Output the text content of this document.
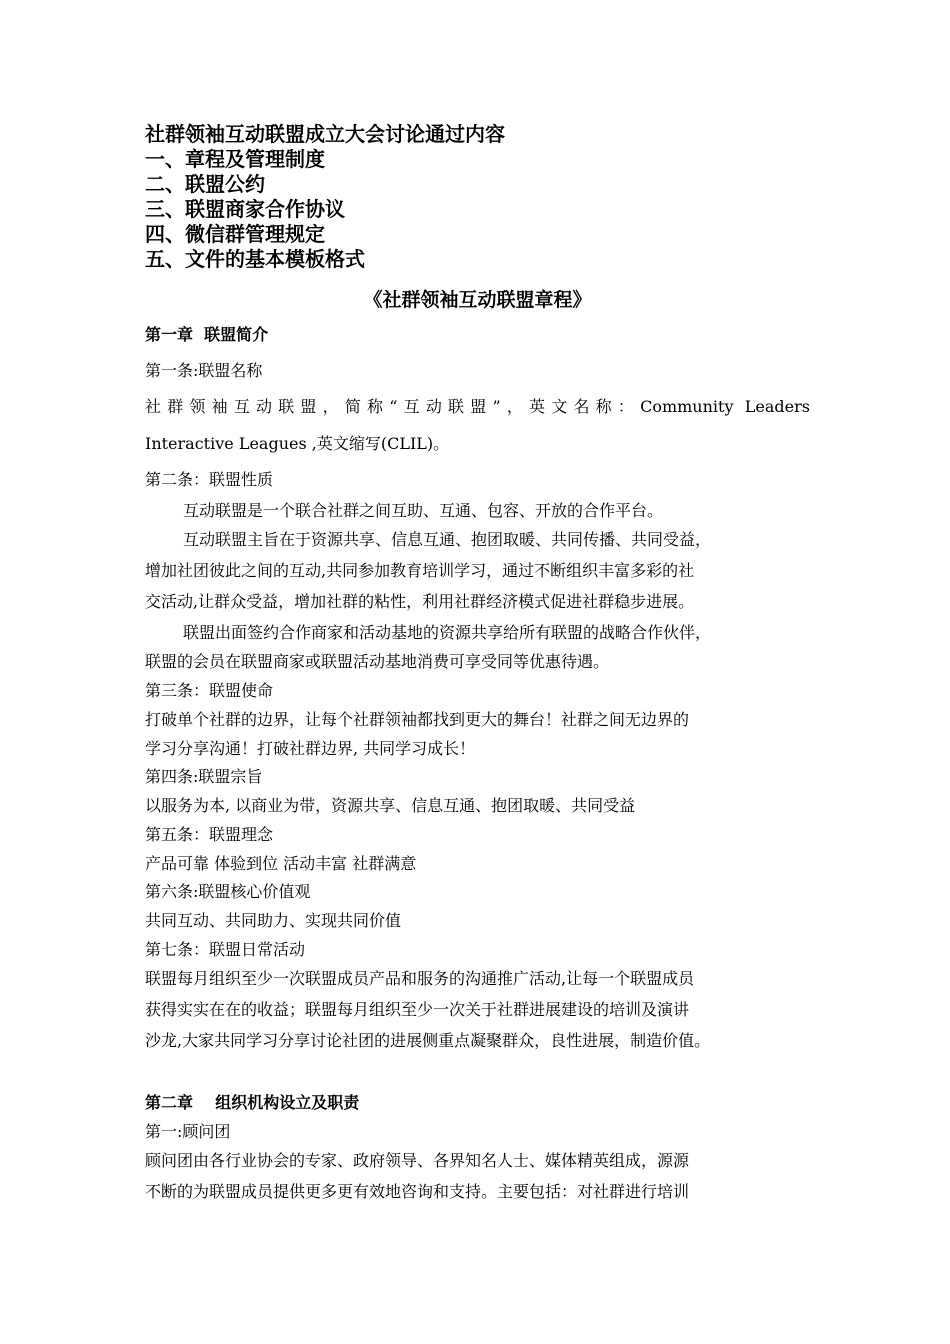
社群领袖互动联盟成立大会讨论通过内容
一、章程及管理制度
二、联盟公约
三、联盟商家合作协议
四、微信群管理规定
五、文件的基本模板格式
《社群领袖互动联盟章程》
第一章  联盟简介
第一条:联盟名称
社群领袖互动联盟，简称“互动联盟”，英文名称：Community Leaders
Interactive Leagues ,英文缩写(CLIL)。
第二条：联盟性质
互动联盟是一个联合社群之间互助、互通、包容、开放的合作平台。
互动联盟主旨在于资源共享、信息互通、抱团取暖、共同传播、共同受益，
增加社团彼此之间的互动,共同参加教育培训学习，通过不断组织丰富多彩的社
交活动,让群众受益，增加社群的粘性，利用社群经济模式促进社群稳步进展。
联盟出面签约合作商家和活动基地的资源共享给所有联盟的战略合作伙伴，
联盟的会员在联盟商家或联盟活动基地消费可享受同等优惠待遇。
第三条：联盟使命
打破单个社群的边界，让每个社群领袖都找到更大的舞台！社群之间无边界的
学习分享沟通！打破社群边界, 共同学习成长！
第四条:联盟宗旨
以服务为本, 以商业为带，资源共享、信息互通、抱团取暖、共同受益
第五条：联盟理念
产品可靠 体验到位 活动丰富 社群满意
第六条:联盟核心价值观
共同互动、共同助力、实现共同价值
第七条：联盟日常活动
联盟每月组织至少一次联盟成员产品和服务的沟通推广活动,让每一个联盟成员
获得实实在在的收益；联盟每月组织至少一次关于社群进展建设的培训及演讲
沙龙,大家共同学习分享讨论社团的进展侧重点凝聚群众，良性进展，制造价值。
第二章    组织机构设立及职责
第一:顾问团
顾问团由各行业协会的专家、政府领导、各界知名人士、媒体精英组成，源源
不断的为联盟成员提供更多更有效地咨询和支持。主要包括：对社群进行培训
